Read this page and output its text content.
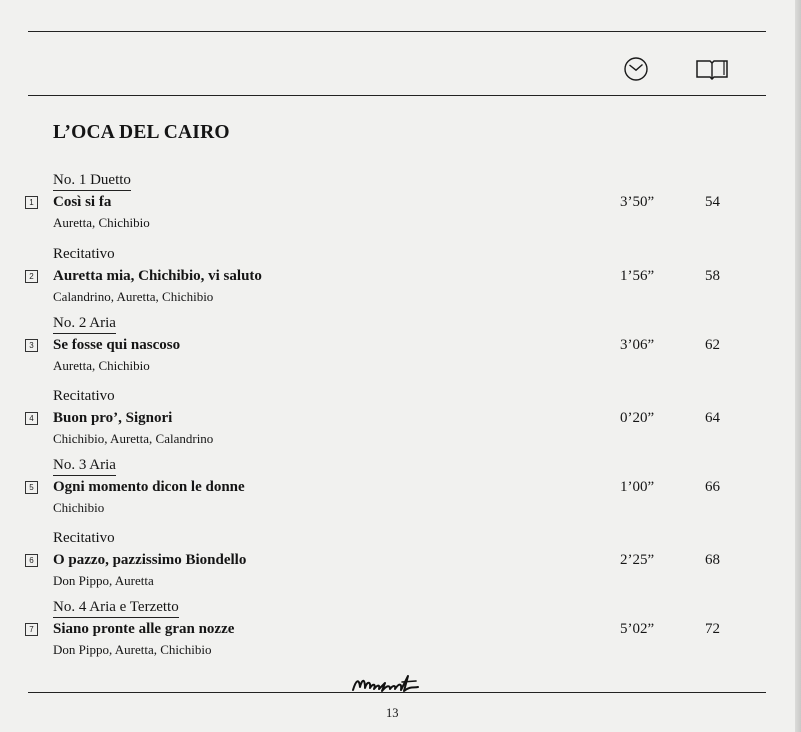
L’OCA DEL CAIRO
No. 1 Duetto
1 Così si fa
Auretta, Chichibio
3’50”	54
Recitativo
2 Auretta mia, Chichibio, vi saluto
Calandrino, Auretta, Chichibio
1’56”	58
No. 2 Aria
3 Se fosse qui nascoso
Auretta, Chichibio
3’06”	62
Recitativo
4 Buon pro’, Signori
Chichibio, Auretta, Calandrino
0’20”	64
No. 3 Aria
5 Ogni momento dicon le donne
Chichibio
1’00”	66
Recitativo
6 O pazzo, pazzissimo Biondello
Don Pippo, Auretta
2’25”	68
No. 4 Aria e Terzetto
7 Siano pronte alle gran nozze
Don Pippo, Auretta, Chichibio
5’02”	72
13
